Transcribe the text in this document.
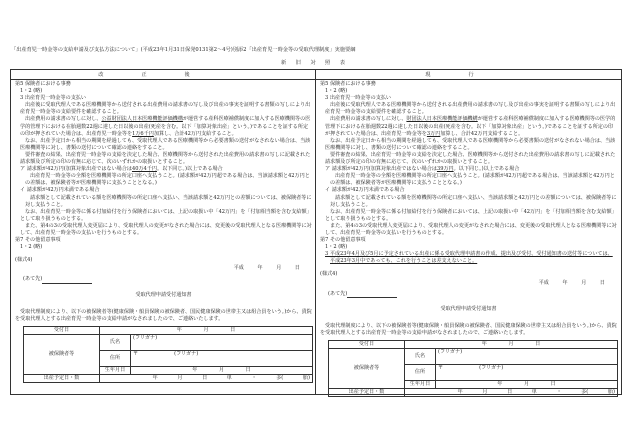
「出産育児一時金等の支給申請及び支払方法について」(平成23年1月31日保発0131第2～4号)別添2「出産育児一時金等の受取代理制度」実施要綱
新 旧 対 照 表
改正後
第5 保険者における事務
1・2 (略)
3 出産育児一時金等の支払い
出産後に受取代理人である医療機関等から送付される出産費用の請求書の写し及び出産の事実を証明する書類の写しにより出産育児一時金等の支給要件を確認すること。
出産費用の請求書の写しに対し、公益財団法人日本医療機能評価機構が運営する産科医療補償制度に加入する医療機関等の医学的管理下における在胎週数22週に達した日以後の出産(死産を含む。以下「加算対象出産」という。)であることを証する所定の印が押されていた場合は、出産育児一時金等を1万6千円加算し、合計42万円支給すること。
なお、出産予定日から相当の期間を経過しても、受取代理人である医療機関等から必要書類の送付がなされない場合は、当該医療機関等に対し、書類の送付について確認の連絡をすること。
要件審査の結果、出産育児一時金等の支給を決定した場合、医療機関等から送付された出産費用の請求書の写しに記載された請求額及び所定の印の有無に応じて、次のいずれかの取扱いとすること。
ア 請求額が42万円(加算対象出産ではない場合は40万4千円。以下同じ。)以上である場合
出産育児一時金等の全額を医療機関等の所定口座へ支払うこと。(請求額が42万円超である場合は、当該請求額と42万円との差額は、被保険者等が医療機関等に支払うこととなる。)
イ 請求額が42万円未満である場合
請求額として記載されている額を医療機関等の所定口座へ支払い、当該請求額と42万円との差額については、被保険者等に対し支払うこと。
なお、出産育児一時金等に係る付加給付を行う保険者においては、上記の取扱い中「42万円」を「付加相当額を含む支給額」として取り扱うものとする。
また、第4の3の受取代理人変更届により、受取代理人の変更がなされた場合には、変更後の受取代理人となる医療機関等に対して、出産育児一時金等の支払いを行うものとする。
第7 その他留意事項
1・2 (略)
(様式4)
平成 年 月 日
(あて先)
受取代理申請受付通知書
受取代理制度により、以下の被保険者等(健康保険・船員保険の被保険者、国民健康保険の世帯主又は組合員をいう。)から、貴院を受取代理人とする出産育児一時金等の支給申請がなされましたので、ご連絡いたします。
受付日	年 月 日	
被保険者等	氏名	(フリガナ)
	住所	〒 (フリガナ)
	生年月日	年 月 日
出産予定日・数	年 月 日 単 ・ 多( 胎)	
現行
第5 保険者における事務
1・2 (略)
3 出産育児一時金等の支払い
出産後に受取代理人である医療機関等から送付される出産費用の請求書の写し及び出産の事実を証明する書類の写しにより出産育児一時金等の支給要件を確認すること。
出産費用の請求書の写しに対し、財団法人日本医療機能評価機構が運営する産科医療補償制度に加入する医療機関等の医学的管理下における在胎週数22週に達した日以後の出産(死産を含む。以下「加算対象出産」という。)であることを証する所定の印が押されていた場合は、出産育児一時金等を3万円加算し、合計42万円支給すること。
なお、出産予定日から相当の期間を経過しても、受取代理人である医療機関等から必要書類の送付がなされない場合は、当該医療機関等に対し、書類の送付について確認の連絡をすること。
要件審査の結果、出産育児一時金等の支給を決定した場合、医療機関等から送付された出産費用の請求書の写しに記載された請求額及び所定の印の有無に応じて、次のいずれかの取扱いとすること。
ア 請求額が42万円(加算対象出産ではない場合は39万円。以下同じ。)以上である場合
出産育児一時金等の全額を医療機関等の所定口座へ支払うこと。(請求額が42万円超である場合は、当該請求額と42万円との差額は、被保険者等が医療機関等に支払うこととなる。)
イ 請求額が42万円未満である場合
請求額として記載されている額を医療機関等の所定口座へ支払い、当該請求額と42万円との差額については、被保険者等に対し支払うこと。
なお、出産育児一時金等に係る付加給付を行う保険者においては、上記の取扱い中「42万円」を「付加相当額を含む支給額」として取り扱うものとする。
また、第4の3の受取代理人変更届により、受取代理人の変更がなされた場合には、変更後の受取代理人となる医療機関等に対して、出産育児一時金等の支払いを行うものとする。
第7 その他留意事項
1・2 (略)
3 平成23年4月及び5月に予定されている出産に係る受取代理申請書の作成、提出及び受付、受付通知書の送付等については、平成23年3月中であっても、これを行うことは差支えないこと。
(様式4)
平成 年 月 日
(あて先)
受取代理申請受付通知書
受取代理制度により、以下の被保険者等(健康保険・船員保険の被保険者、国民健康保険の世帯主又は組合員をいう。)から、貴院を受取代理人とする出産育児一時金等の支給申請がなされましたので、ご連絡いたします。
受付日	年 月 日	
被保険者等	氏名	(フリガナ)
	住所	〒 (フリガナ)
	生年月日	年 月 日
出産予定日・数	年 月 日 単 ・ 多( 胎)	
